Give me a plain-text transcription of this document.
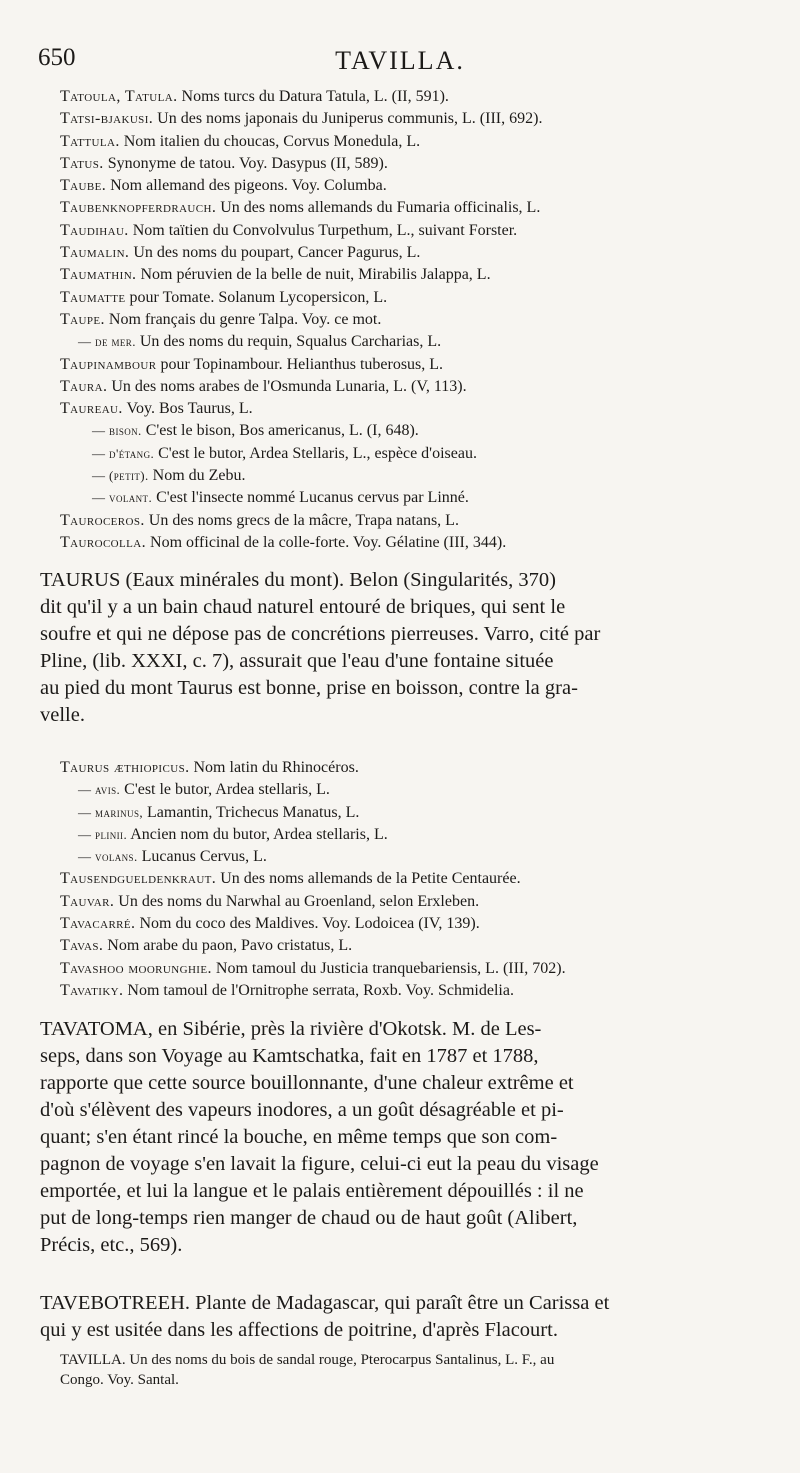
650	TAVILLA.
Tatoula, Tatula. Noms turcs du Datura Tatula, L. (II, 591).
Tatsi-bjakusi. Un des noms japonais du Juniperus communis, L. (III, 692).
Tattula. Nom italien du choucas, Corvus Monedula, L.
Tatus. Synonyme de tatou. Voy. Dasypus (II, 589).
Taube. Nom allemand des pigeons. Voy. Columba.
Taubenknopferdrauch. Un des noms allemands du Fumaria officinalis, L.
Taudihau. Nom taïtien du Convolvulus Turpethum, L., suivant Forster.
Taumalin. Un des noms du poupart, Cancer Pagurus, L.
Taumathin. Nom péruvien de la belle de nuit, Mirabilis Jalappa, L.
Taumatte pour Tomate. Solanum Lycopersicon, L.
Taupe. Nom français du genre Talpa. Voy. ce mot.
— de mer. Un des noms du requin, Squalus Carcharias, L.
Taupinambour pour Topinambour. Helianthus tuberosus, L.
Taura. Un des noms arabes de l'Osmunda Lunaria, L. (V, 113).
Taureau. Voy. Bos Taurus, L.
— bison. C'est le bison, Bos americanus, L. (I, 648).
— d'étang. C'est le butor, Ardea Stellaris, L., espèce d'oiseau.
— (petit). Nom du Zebu.
— volant. C'est l'insecte nommé Lucanus cervus par Linné.
Tauroceros. Un des noms grecs de la mâcre, Trapa natans, L.
Taurocolla. Nom officinal de la colle-forte. Voy. Gélatine (III, 344).
TAURUS (Eaux minérales du mont). Belon (Singularités, 370)
dit qu'il y a un bain chaud naturel entouré de briques, qui sent le
soufre et qui ne dépose pas de concrétions pierreuses. Varro, cité par
Pline, (lib. XXXI, c. 7), assurait que l'eau d'une fontaine située
au pied du mont Taurus est bonne, prise en boisson, contre la gra-
velle.
Taurus æthiopicus. Nom latin du Rhinocéros.
— avis. C'est le butor, Ardea stellaris, L.
— marinus, Lamantin, Trichecus Manatus, L.
— plinii. Ancien nom du butor, Ardea stellaris, L.
— volans. Lucanus Cervus, L.
Tausendgueldenkraut. Un des noms allemands de la Petite Centaurée.
Tauvar. Un des noms du Narwhal au Groenland, selon Erxleben.
Tavacarré. Nom du coco des Maldives. Voy. Lodoicea (IV, 139).
Tavas. Nom arabe du paon, Pavo cristatus, L.
Tavashoo moorunghie. Nom tamoul du Justicia tranquebariensis, L. (III, 702).
Tavatiky. Nom tamoul de l'Ornitrophe serrata, Roxb. Voy. Schmidelia.
TAVATOMA, en Sibérie, près la rivière d'Okotsk. M. de Les-
seps, dans son Voyage au Kamtschatka, fait en 1787 et 1788,
rapporte que cette source bouillonnante, d'une chaleur extrême et
d'où s'élèvent des vapeurs inodores, a un goût désagréable et pi-
quant; s'en étant rincé la bouche, en même temps que son com-
pagnon de voyage s'en lavait la figure, celui-ci eut la peau du visage
emportée, et lui la langue et le palais entièrement dépouillés : il ne
put de long-temps rien manger de chaud ou de haut goût (Alibert,
Précis, etc., 569).
TAVEBOTREEH. Plante de Madagascar, qui paraît être un Carissa et
qui y est usitée dans les affections de poitrine, d'après Flacourt.
TAVILLA. Un des noms du bois de sandal rouge, Pterocarpus Santalinus, L. F., au
Congo. Voy. Santal.
